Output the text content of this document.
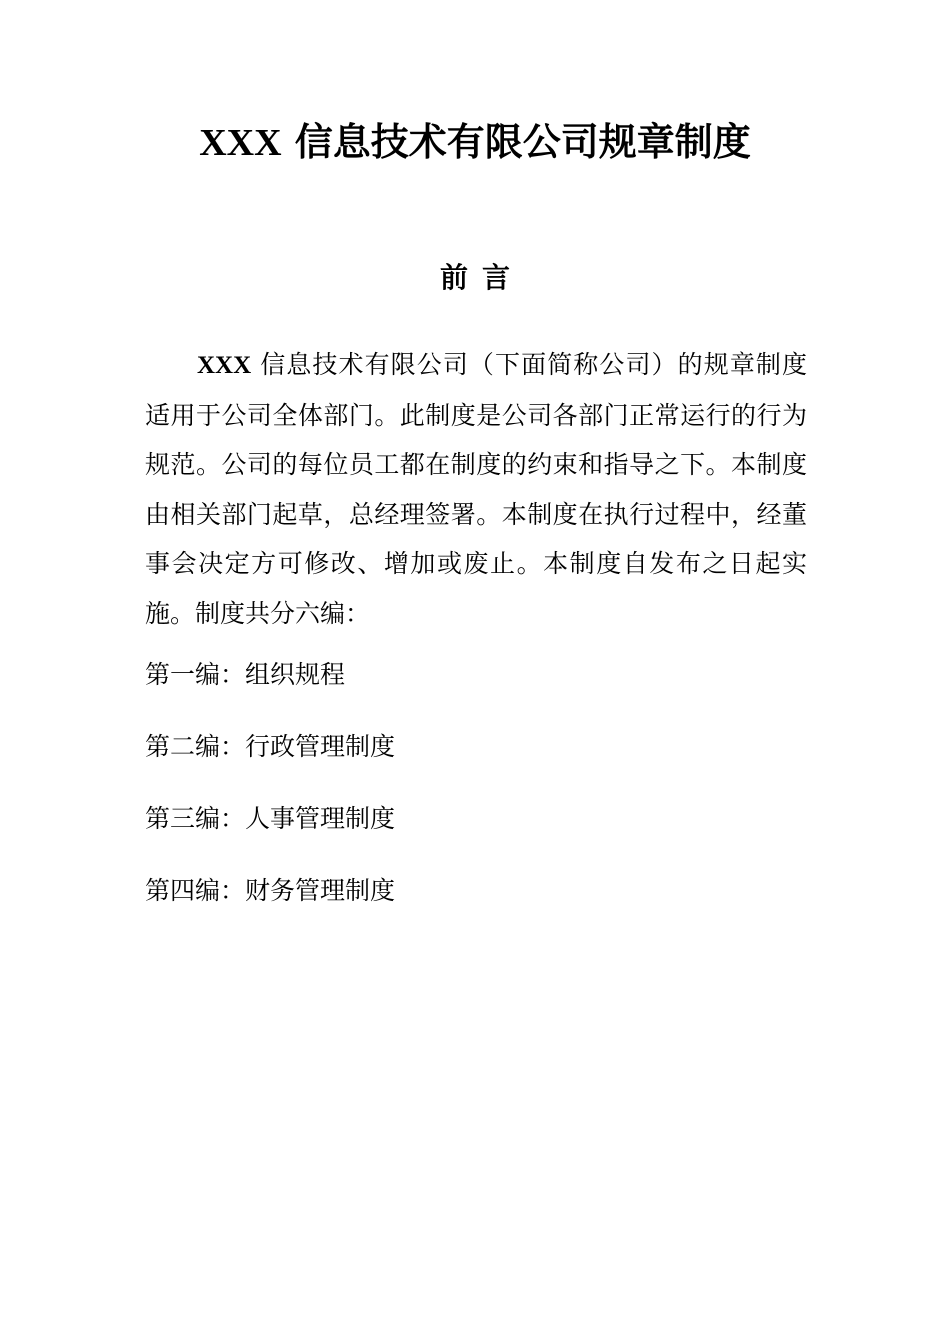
XXX 信息技术有限公司规章制度
前言

XXX 信息技术有限公司（下面简称公司）的规章制度适用于公司全体部门。此制度是公司各部门正常运行的行为规范。公司的每位员工都在制度的约束和指导之下。本制度由相关部门起草，总经理签署。本制度在执行过程中，经董事会决定方可修改、增加或废止。本制度自发布之日起实施。制度共分六编：

第一编：组织规程
第二编：行政管理制度
第三编：人事管理制度
第四编：财务管理制度
